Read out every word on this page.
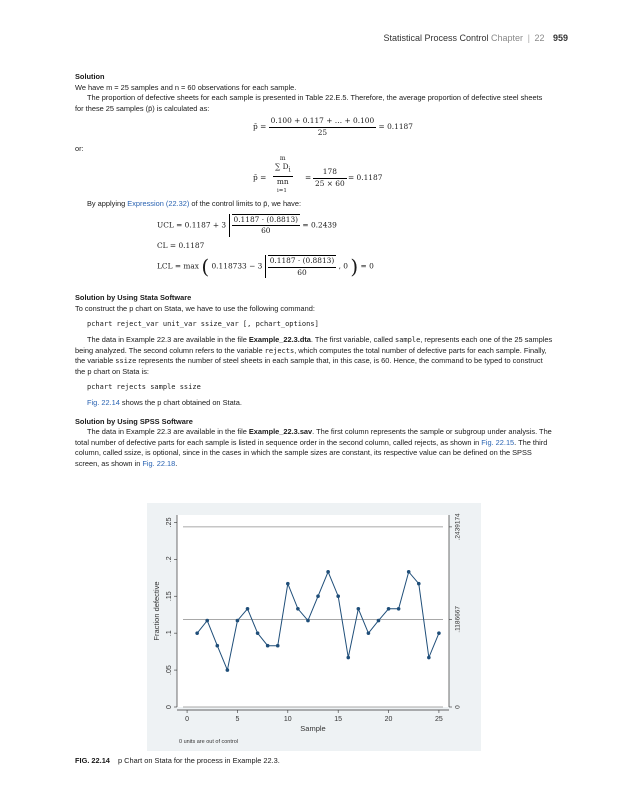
Statistical Process Control Chapter | 22 959
Solution

We have m = 25 samples and n = 60 observations for each sample.

The proportion of defective sheets for each sample is presented in Table 22.E.5. Therefore, the average proportion of defective steel sheets for these 25 samples (p̄) is calculated as:

p̄ = $\frac{0.100 + 0.117 + \dots + 0.100}{25} = 0.1187$

or:

p̄ =
m
∑ $D_i$
mn
i=1
= $\frac{178}{25 \times 60} = 0.1187$

By applying Expression (22.32) of the control limits to p̄, we have:

UCL = $0.1187 + 3 \frac{0.1187 \cdot (0.8813)}{60} = 0.2439$
CL = 0.1187
LCL = max ( $0.118733 - 3 \frac{0.1187 \cdot (0.8813)}{60}$ , 0 ) = 0
Solution by Using Stata Software

To construct the p chart on Stata, we have to use the following command:

pchart reject_var unit_var ssize_var [, pchart_options]

The data in Example 22.3 are available in the file Example_22.3.dta. The first variable, called sample, represents each one of the 25 samples being analyzed. The second column refers to the variable rejects, which computes the total number of defective parts for each sample. Finally, the variable ssize represents the number of steel sheets in each sample that, in this case, is 60. Hence, the command to be typed to construct the p chart on Stata is:

pchart rejects sample ssize

Fig. 22.14 shows the p chart obtained on Stata.

Solution by Using SPSS Software

The data in Example 22.3 are available in the file Example_22.3.sav. The first column represents the sample or subgroup under analysis. The total number of defective parts for each sample is listed in sequence order in the second column, called rejects, as shown in Fig. 22.15. The third column, called ssize, is optional, since in the cases in which the sample sizes are constant, its respective value can be defined on the SPSS screen, as shown in Fig. 22.18.

0
.05
.1
.15
.2
.25
0	5	10	15	20	25
Sample
Fraction defective
.2439174
.1186667
0
0 units are out of control
FIG. 22.14 p Chart on Stata for the process in Example 22.3.
